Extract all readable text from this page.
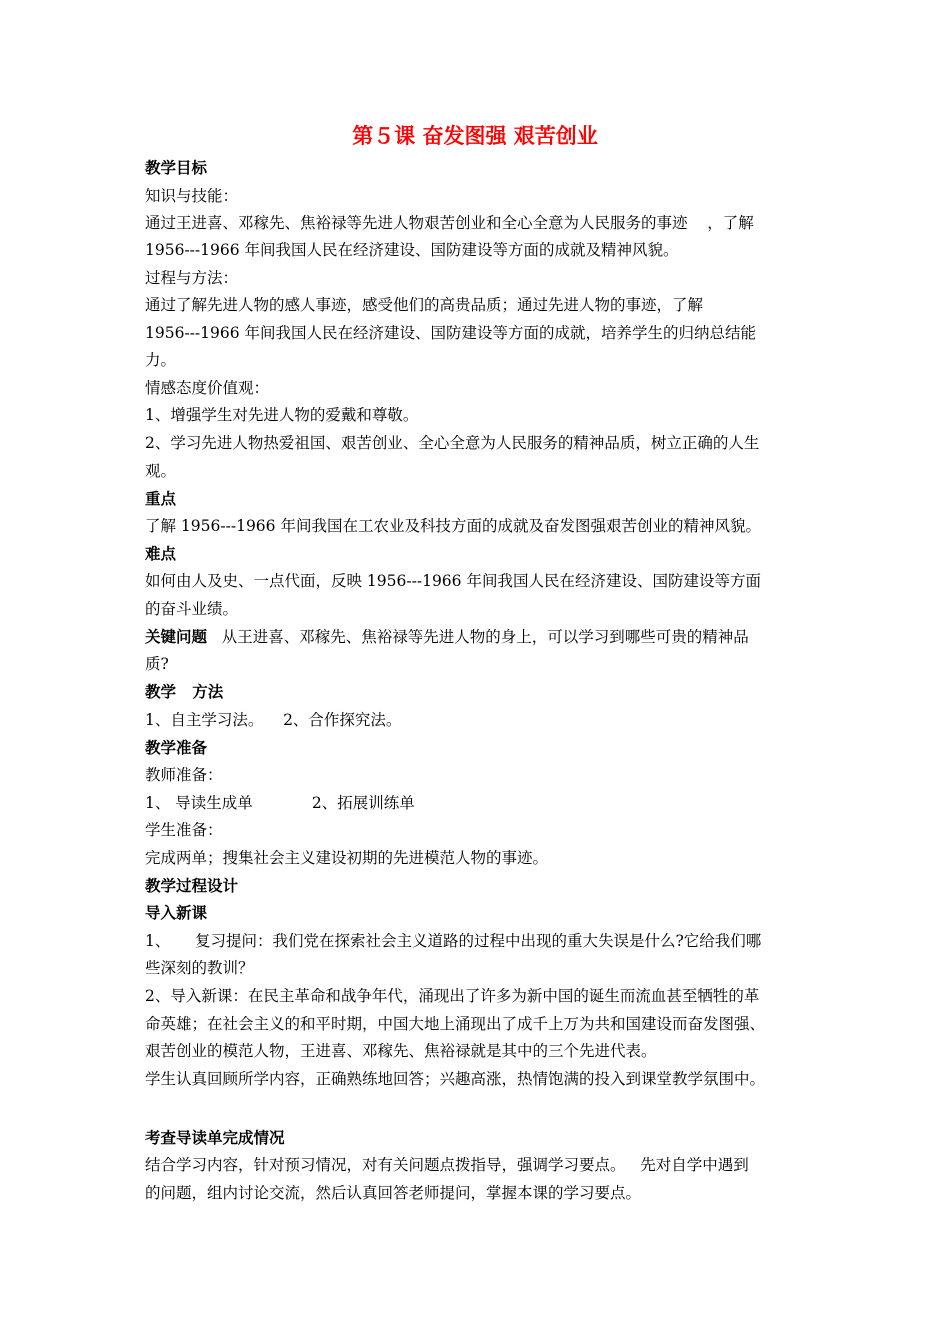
第５课 奋发图强 艰苦创业
教学目标
知识与技能：
通过王进喜、邓稼先、焦裕禄等先进人物艰苦创业和全心全意为人民服务的事迹    ，了解
1956---1966 年间我国人民在经济建设、国防建设等方面的成就及精神风貌。
过程与方法：
通过了解先进人物的感人事迹，感受他们的高贵品质；通过先进人物的事迹，了解
1956---1966 年间我国人民在经济建设、国防建设等方面的成就，培养学生的归纳总结能
力。
情感态度价值观：
1、增强学生对先进人物的爱戴和尊敬。
2、学习先进人物热爱祖国、艰苦创业、全心全意为人民服务的精神品质，树立正确的人生
观。
重点
了解 1956---1966 年间我国在工农业及科技方面的成就及奋发图强艰苦创业的精神风貌。
难点
如何由人及史、一点代面，反映 1956---1966 年间我国人民在经济建设、国防建设等方面
的奋斗业绩。
关键问题   从王进喜、邓稼先、焦裕禄等先进人物的身上，可以学习到哪些可贵的精神品
质?
教学   方法
1、自主学习法。    2、合作探究法。
教学准备
教师准备：
1、 导读生成单            2、拓展训练单
学生准备：
完成两单；搜集社会主义建设初期的先进模范人物的事迹。
教学过程设计
导入新课
1、     复习提问：我们党在探索社会主义道路的过程中出现的重大失误是什么?它给我们哪
些深刻的教训？
2、导入新课：在民主革命和战争年代，涌现出了许多为新中国的诞生而流血甚至牺牲的革
命英雄；在社会主义的和平时期，中国大地上涌现出了成千上万为共和国建设而奋发图强、
艰苦创业的模范人物，王进喜、邓稼先、焦裕禄就是其中的三个先进代表。
学生认真回顾所学内容，正确熟练地回答；兴趣高涨，热情饱满的投入到课堂教学氛围中。
考查导读单完成情况
结合学习内容，针对预习情况，对有关问题点拨指导，强调学习要点。   先对自学中遇到
的问题，组内讨论交流，然后认真回答老师提问，掌握本课的学习要点。
